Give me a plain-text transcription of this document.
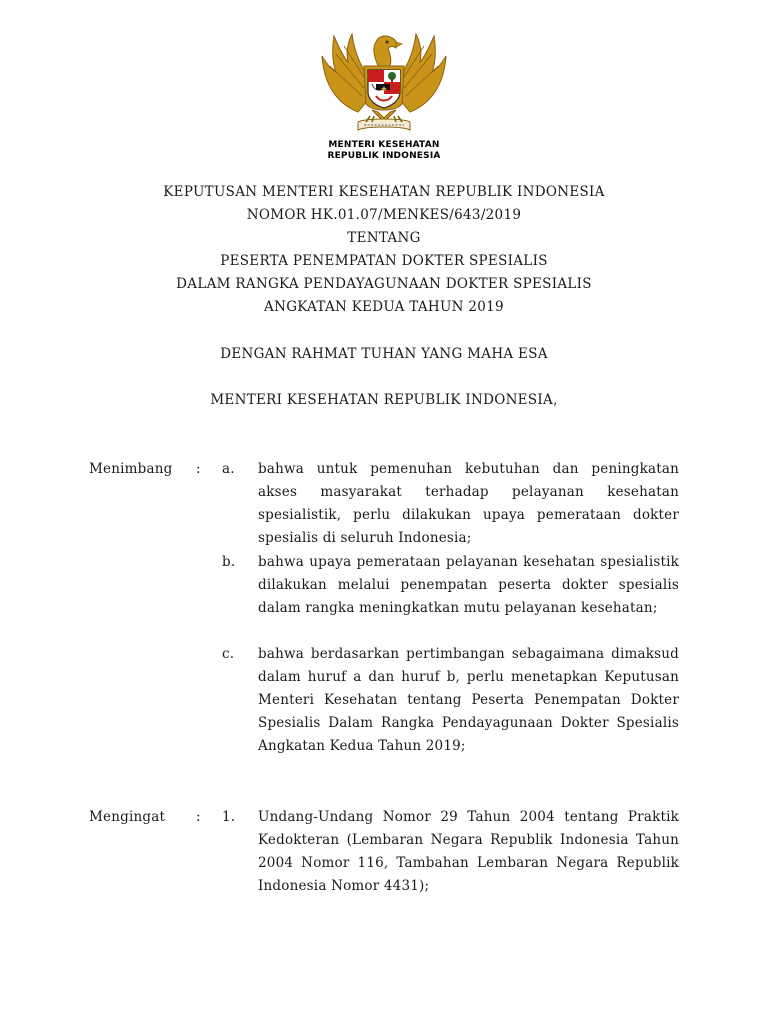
MENTERI KESEHATAN
REPUBLIK INDONESIA
KEPUTUSAN MENTERI KESEHATAN REPUBLIK INDONESIA
NOMOR HK.01.07/MENKES/643/2019
TENTANG
PESERTA PENEMPATAN DOKTER SPESIALIS
DALAM RANGKA PENDAYAGUNAAN DOKTER SPESIALIS
ANGKATAN KEDUA TAHUN 2019
DENGAN RAHMAT TUHAN YANG MAHA ESA
MENTERI KESEHATAN REPUBLIK INDONESIA,
Menimbang : a. bahwa untuk pemenuhan kebutuhan dan peningkatan akses masyarakat terhadap pelayanan kesehatan spesialistik, perlu dilakukan upaya pemerataan dokter spesialis di seluruh Indonesia;
b. bahwa upaya pemerataan pelayanan kesehatan spesialistik dilakukan melalui penempatan peserta dokter spesialis dalam rangka meningkatkan mutu pelayanan kesehatan;
c. bahwa berdasarkan pertimbangan sebagaimana dimaksud dalam huruf a dan huruf b, perlu menetapkan Keputusan Menteri Kesehatan tentang Peserta Penempatan Dokter Spesialis Dalam Rangka Pendayagunaan Dokter Spesialis Angkatan Kedua Tahun 2019;
Mengingat : 1. Undang-Undang Nomor 29 Tahun 2004 tentang Praktik Kedokteran (Lembaran Negara Republik Indonesia Tahun 2004 Nomor 116, Tambahan Lembaran Negara Republik Indonesia Nomor 4431);
